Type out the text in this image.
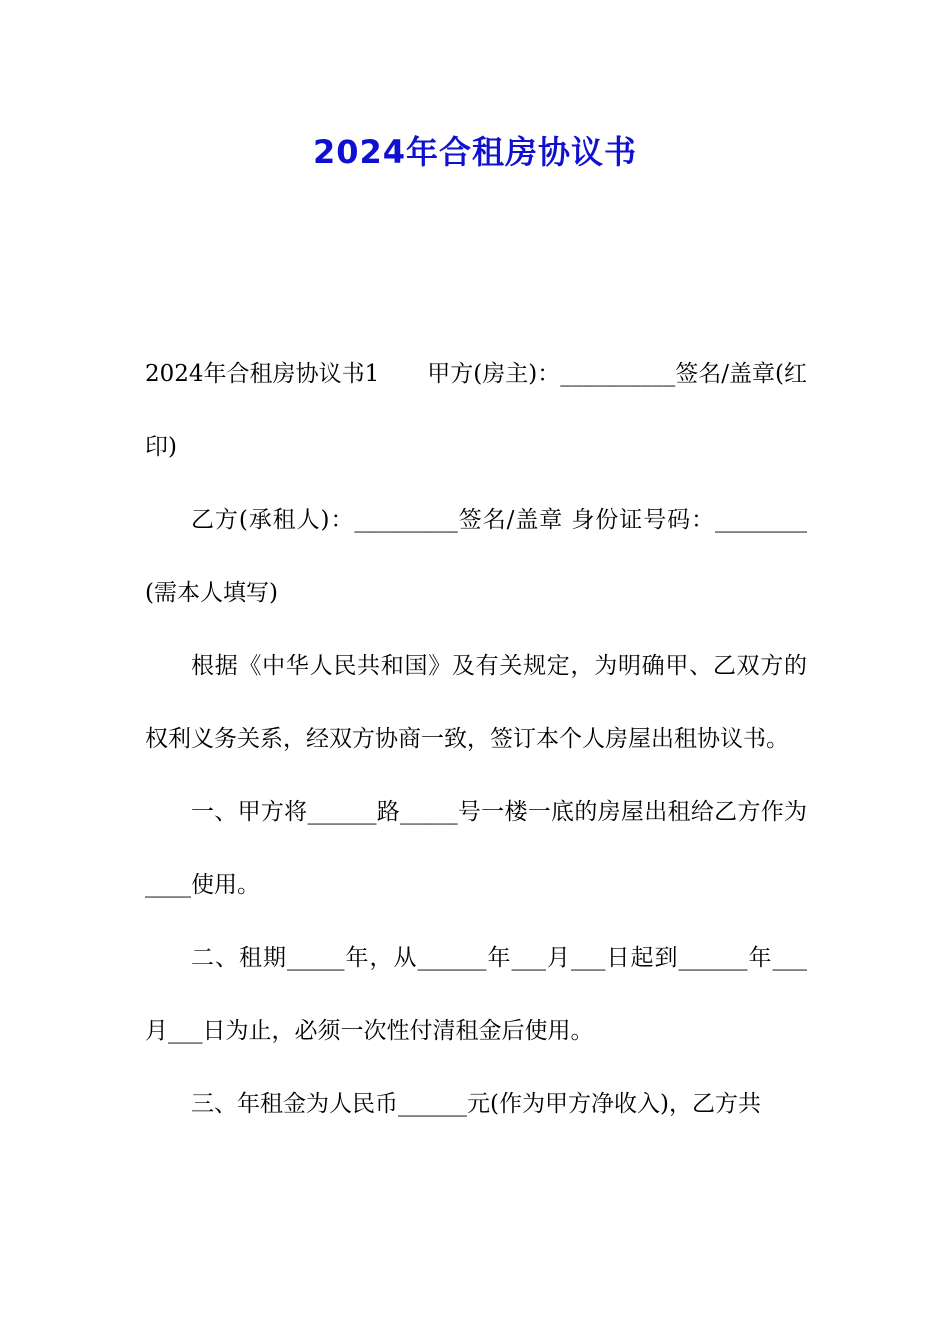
2024年合租房协议书

2024年合租房协议书1 甲方(房主)：__________签名/盖章(红印)

乙方(承租人)：_________签名/盖章 身份证号码：________(需本人填写)

根据《中华人民共和国》及有关规定，为明确甲、乙双方的权利义务关系，经双方协商一致，签订本个人房屋出租协议书。

一、甲方将______路_____号一楼一底的房屋出租给乙方作为____使用。

二、租期_____年，从______年___月___日起到______年___月___日为止，必须一次性付清租金后使用。

三、年租金为人民币______元(作为甲方净收入)，乙方共
